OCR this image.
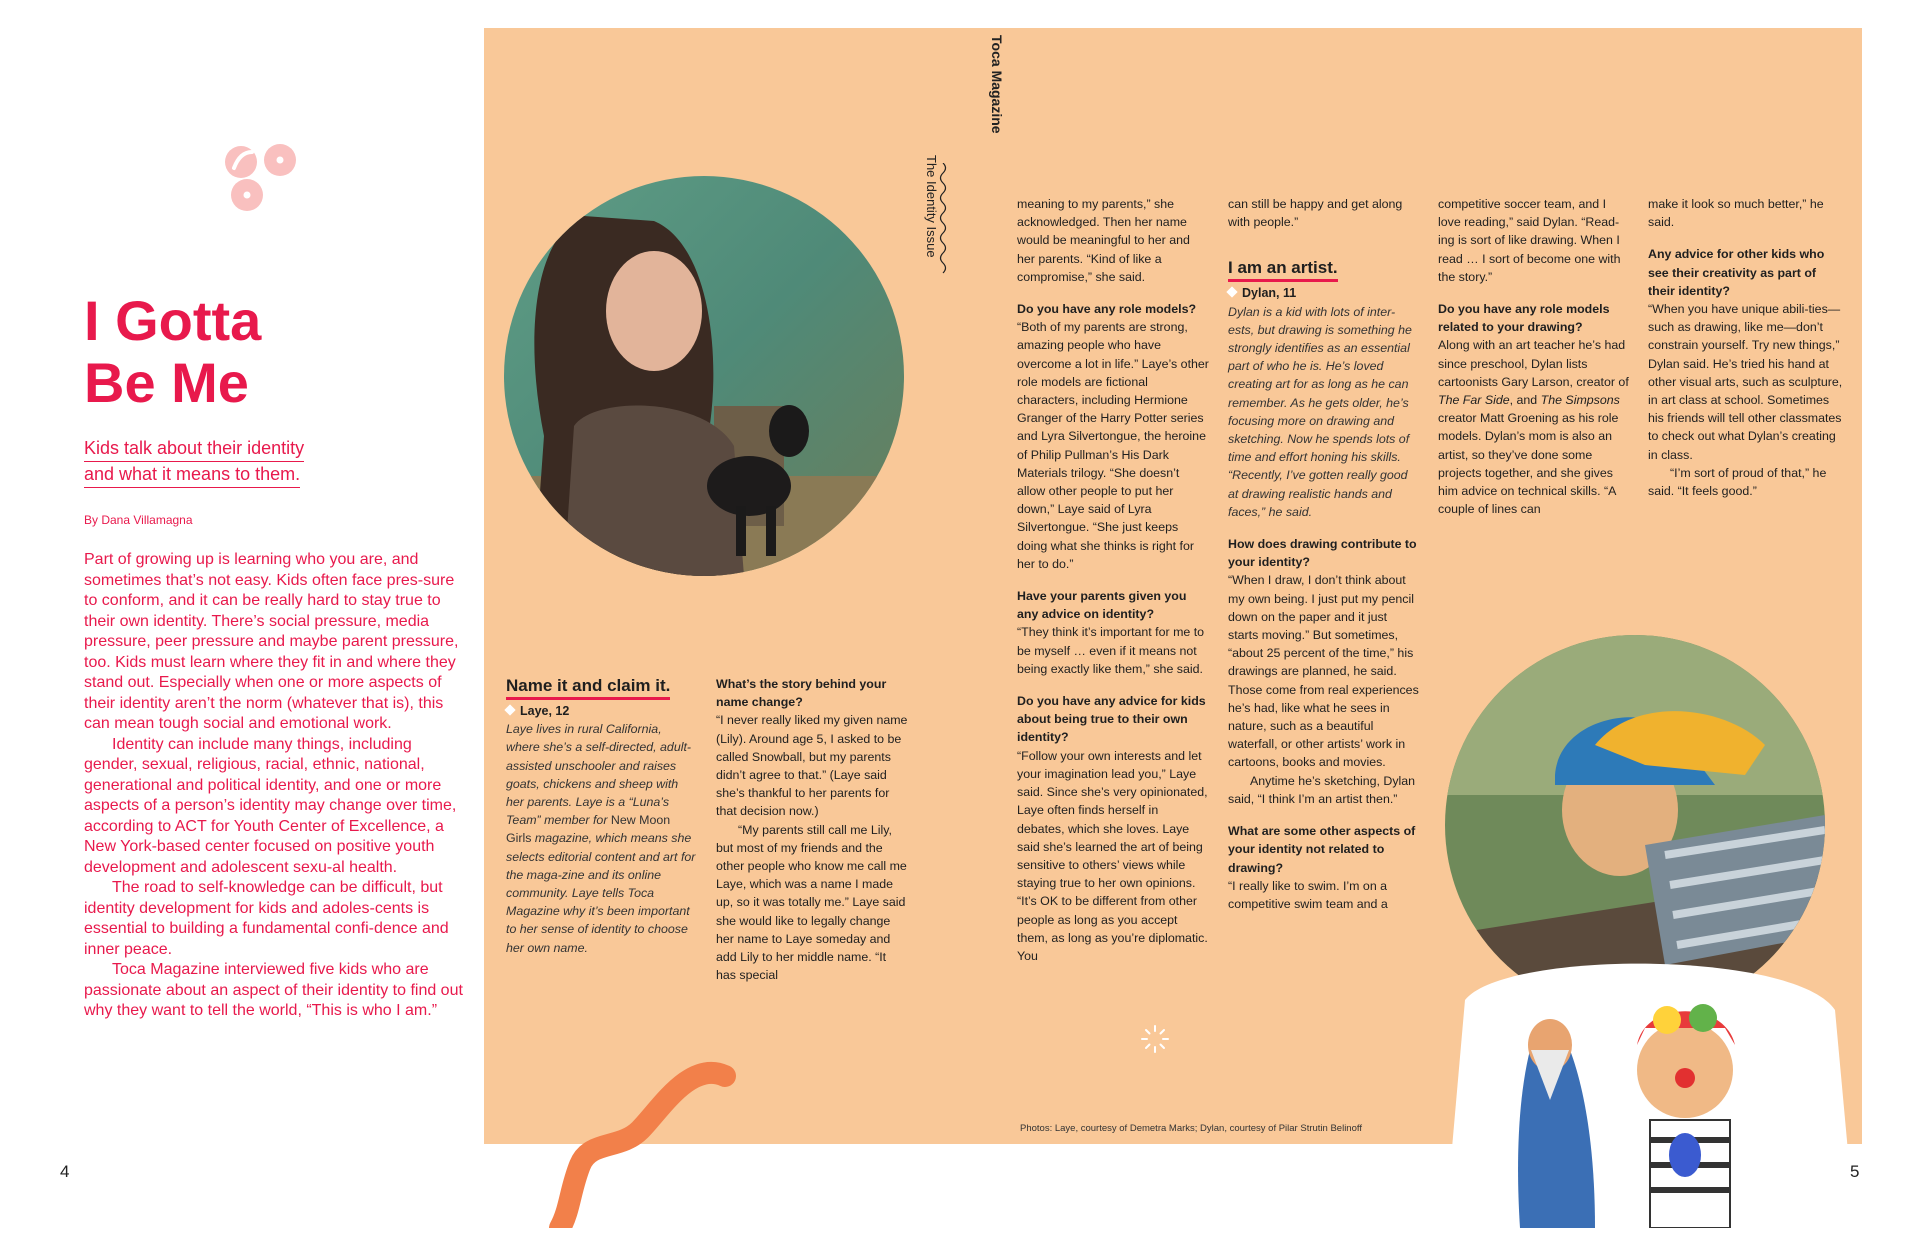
I Gotta
Be Me
Kids talk about their identity
and what it means to them.
By Dana Villamagna

Part of growing up is learning who you are, and sometimes that’s not easy. Kids often face pres-sure to conform, and it can be really hard to stay true to their own identity. There’s social pressure, media pressure, peer pressure and maybe parent pressure, too. Kids must learn where they fit in and where they stand out. Especially when one or more aspects of their identity aren’t the norm (whatever that is), this can mean tough social and emotional work.

Identity can include many things, including gender, sexual, religious, racial, ethnic, national, generational and political identity, and one or more aspects of a person’s identity may change over time, according to ACT for Youth Center of Excellence, a New York-based center focused on positive youth development and adolescent sexu-al health.

The road to self-knowledge can be difficult, but identity development for kids and adoles-cents is essential to building a fundamental confi-dence and inner peace.

Toca Magazine interviewed five kids who are passionate about an aspect of their identity to find out why they want to tell the world, “This is who I am.”

4
Toca Magazine
The Identity Issue
Name it and claim it.
Laye, 12

Laye lives in rural California, where she’s a self-directed, adult-assisted unschooler and raises goats, chickens and sheep with her parents. Laye is a “Luna’s Team” member for New Moon Girls magazine, which means she selects editorial content and art for the maga-zine and its online community. Laye tells Toca Magazine why it’s been important to her sense of identity to choose her own name.

What’s the story behind your name change?

“I never really liked my given name (Lily). Around age 5, I asked to be called Snowball, but my parents didn’t agree to that.” (Laye said she’s thankful to her parents for that decision now.)

“My parents still call me Lily, but most of my friends and the other people who know me call me Laye, which was a name I made up, so it was totally me.” Laye said she would like to legally change her name to Laye someday and add Lily to her middle name. “It has special

meaning to my parents,” she acknowledged. Then her name would be meaningful to her and her parents. “Kind of like a compromise,” she said.

Do you have any role models?

“Both of my parents are strong, amazing people who have overcome a lot in life.” Laye’s other role models are fictional characters, including Hermione Granger of the Harry Potter series and Lyra Silvertongue, the heroine of Philip Pullman’s His Dark Materials trilogy. “She doesn’t allow other people to put her down,” Laye said of Lyra Silvertongue. “She just keeps doing what she thinks is right for her to do.”

Have your parents given you any advice on identity?

“They think it’s important for me to be myself … even if it means not being exactly like them,” she said.

Do you have any advice for kids about being true to their own identity?

“Follow your own interests and let your imagination lead you,” Laye said. Since she’s very opinionated, Laye often finds herself in debates, which she loves. Laye said she’s learned the art of being sensitive to others’ views while staying true to her own opinions. “It’s OK to be different from other people as long as you accept them, as long as you’re diplomatic. You

can still be happy and get along with people.”

I am an artist.
Dylan, 11

Dylan is a kid with lots of inter-ests, but drawing is something he strongly identifies as an essential part of who he is. He’s loved creating art for as long as he can remember. As he gets older, he’s focusing more on drawing and sketching. Now he spends lots of time and effort honing his skills. “Recently, I’ve gotten really good at drawing realistic hands and faces,” he said.

How does drawing contribute to your identity?

“When I draw, I don’t think about my own being. I just put my pencil down on the paper and it just starts moving.” But sometimes, “about 25 percent of the time,” his drawings are planned, he said. Those come from real experiences he’s had, like what he sees in nature, such as a beautiful waterfall, or other artists’ work in cartoons, books and movies.

Anytime he’s sketching, Dylan said, “I think I’m an artist then.”

What are some other aspects of your identity not related to drawing?

“I really like to swim. I’m on a competitive swim team and a

competitive soccer team, and I love reading,” said Dylan. “Read-ing is sort of like drawing. When I read … I sort of become one with the story.”

Do you have any role models related to your drawing?

Along with an art teacher he’s had since preschool, Dylan lists cartoonists Gary Larson, creator of The Far Side, and The Simpsons creator Matt Groening as his role models. Dylan’s mom is also an artist, so they’ve done some projects together, and she gives him advice on technical skills. “A couple of lines can

make it look so much better,” he said.

Any advice for other kids who see their creativity as part of their identity?

“When you have unique abili-ties—such as drawing, like me—don’t constrain yourself. Try new things,” Dylan said. He’s tried his hand at other visual arts, such as sculpture, in art class at school. Sometimes his friends will tell other classmates to check out what Dylan’s creating in class.

“I’m sort of proud of that,” he said. “It feels good.”

Photos: Laye, courtesy of Demetra Marks; Dylan, courtesy of Pilar Strutin Belinoff
5
